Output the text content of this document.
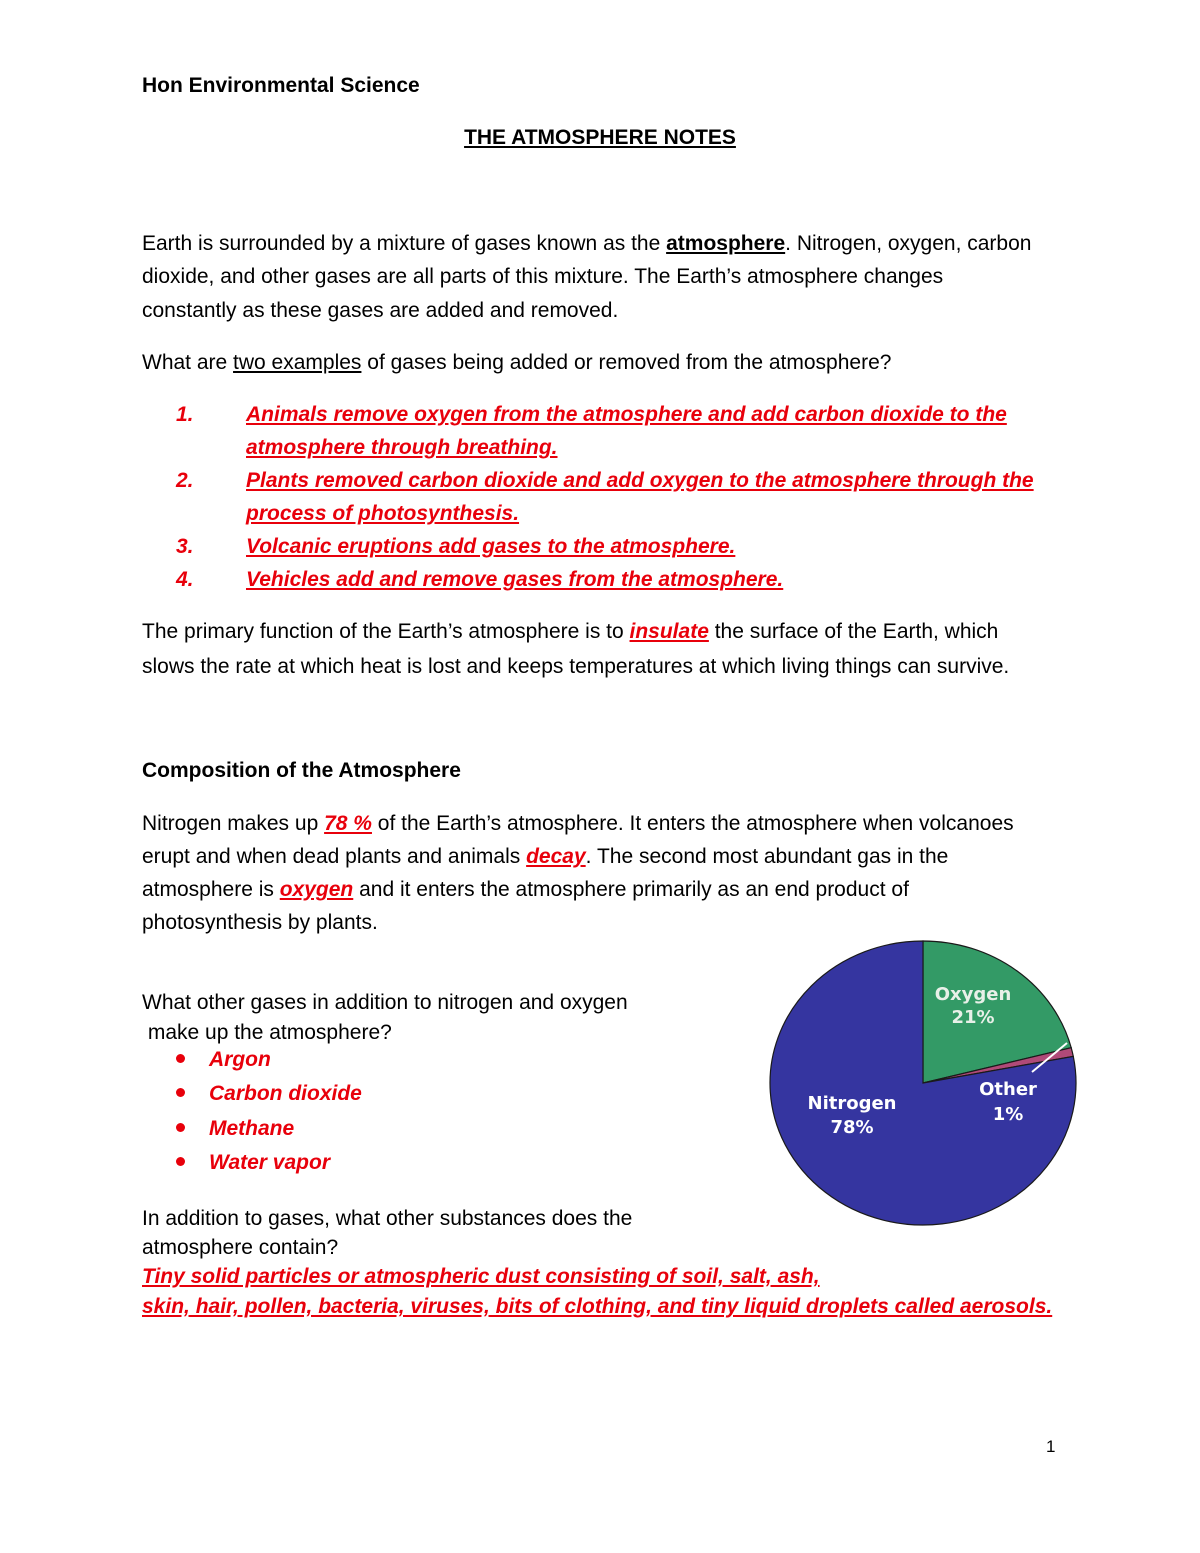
Hon Environmental Science
THE ATMOSPHERE NOTES
Earth is surrounded by a mixture of gases known as the atmosphere. Nitrogen, oxygen, carbon
dioxide, and other gases are all parts of this mixture. The Earth’s atmosphere changes
constantly as these gases are added and removed.
What are two examples of gases being added or removed from the atmosphere?
1. Animals remove oxygen from the atmosphere and add carbon dioxide to the
atmosphere through breathing.
2. Plants removed carbon dioxide and add oxygen to the atmosphere through the
process of photosynthesis.
3. Volcanic eruptions add gases to the atmosphere.
4. Vehicles add and remove gases from the atmosphere.
The primary function of the Earth’s atmosphere is to insulate the surface of the Earth, which
slows the rate at which heat is lost and keeps temperatures at which living things can survive.
Composition of the Atmosphere
Nitrogen makes up 78 % of the Earth’s atmosphere. It enters the atmosphere when volcanoes
erupt and when dead plants and animals decay. The second most abundant gas in the
atmosphere is oxygen and it enters the atmosphere primarily as an end product of
photosynthesis by plants.
What other gases in addition to nitrogen and oxygen
make up the atmosphere?
Argon
Carbon dioxide
Methane
Water vapor
In addition to gases, what other substances does the
atmosphere contain?
Tiny solid particles or atmospheric dust consisting of soil, salt, ash,
skin, hair, pollen, bacteria, viruses, bits of clothing, and tiny liquid droplets called aerosols.
1
Oxygen
21%
Other
1%
Nitrogen
78%
